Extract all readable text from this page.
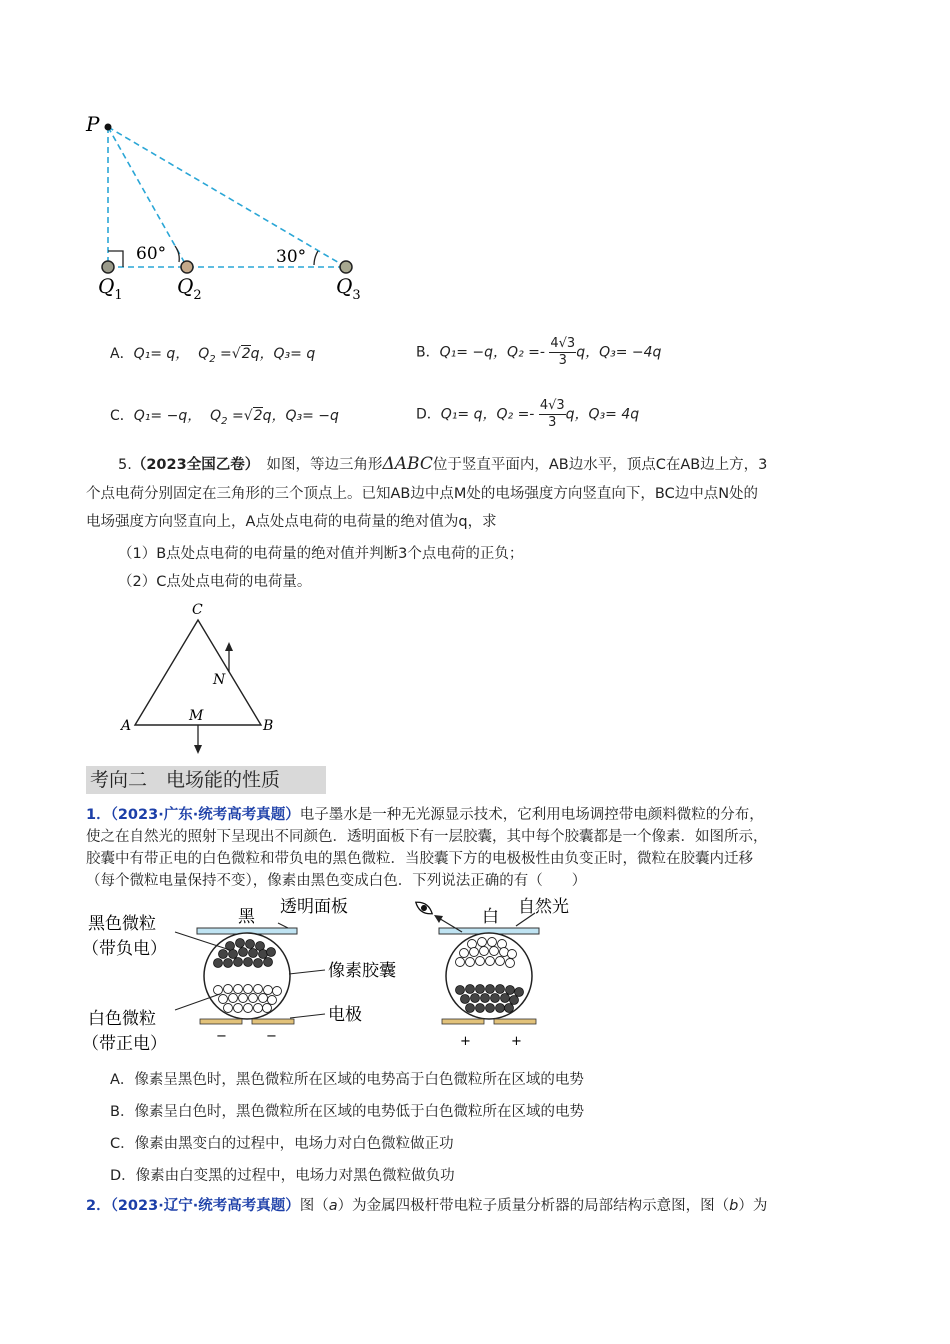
P
60°	30°
$Q_1$	$Q_2$	$Q_3$
A．Q₁= q， $Q_2 =√2q$，Q₃= q	B．Q₁= −q，$Q_2 =- \frac{4√3}{3}$ q，Q₃= −4q
C．Q₁= −q， $Q_2 =√2q$，Q₃= −q	D．Q₁= q，$Q_2 =- \frac{4√3}{3}$ q，Q₃= 4q
5.（2023全国乙卷）　 如图，等边三角形ΔABC位于竖直平面内，AB边水平，顶点C在AB边上方，3
个点电荷分别固定在三角形的三个顶点上。已知AB边中点M处的电场强度方向竖直向下，BC边中点N处的
电场强度方向竖直向上，A点处点电荷的电荷量的绝对值为q，求
（1）B点处点电荷的电荷量的绝对值并判断3个点电荷的正负；
（2）C点处点电荷的电荷量。
C
A	B
M
N
考向二　电场能的性质
1．（2023·广东·统考高考真题）电子墨水是一种无光源显示技术，它利用电场调控带电颜料微粒的分布，
使之在自然光的照射下呈现出不同颜色．透明面板下有一层胶囊，其中每个胶囊都是一个像素．如图所示，
胶囊中有带正电的白色微粒和带负电的黑色微粒．当胶囊下方的电极极性由负变正时，微粒在胶囊内迁移
（每个微粒电量保持不变），像素由黑色变成白色．下列说法正确的有（　　）
−	−
黑色微粒
（带负电）
白色微粒
（带正电）
黑 透明面板
像素胶囊
电极
+	+
白 自然光
A．像素呈黑色时，黑色微粒所在区域的电势高于白色微粒所在区域的电势
B．像素呈白色时，黑色微粒所在区域的电势低于白色微粒所在区域的电势
C．像素由黑变白的过程中，电场力对白色微粒做正功
D．像素由白变黑的过程中，电场力对黑色微粒做负功
2．（2023·辽宁·统考高考真题）图（a）为金属四极杆带电粒子质量分析器的局部结构示意图，图（b）为
